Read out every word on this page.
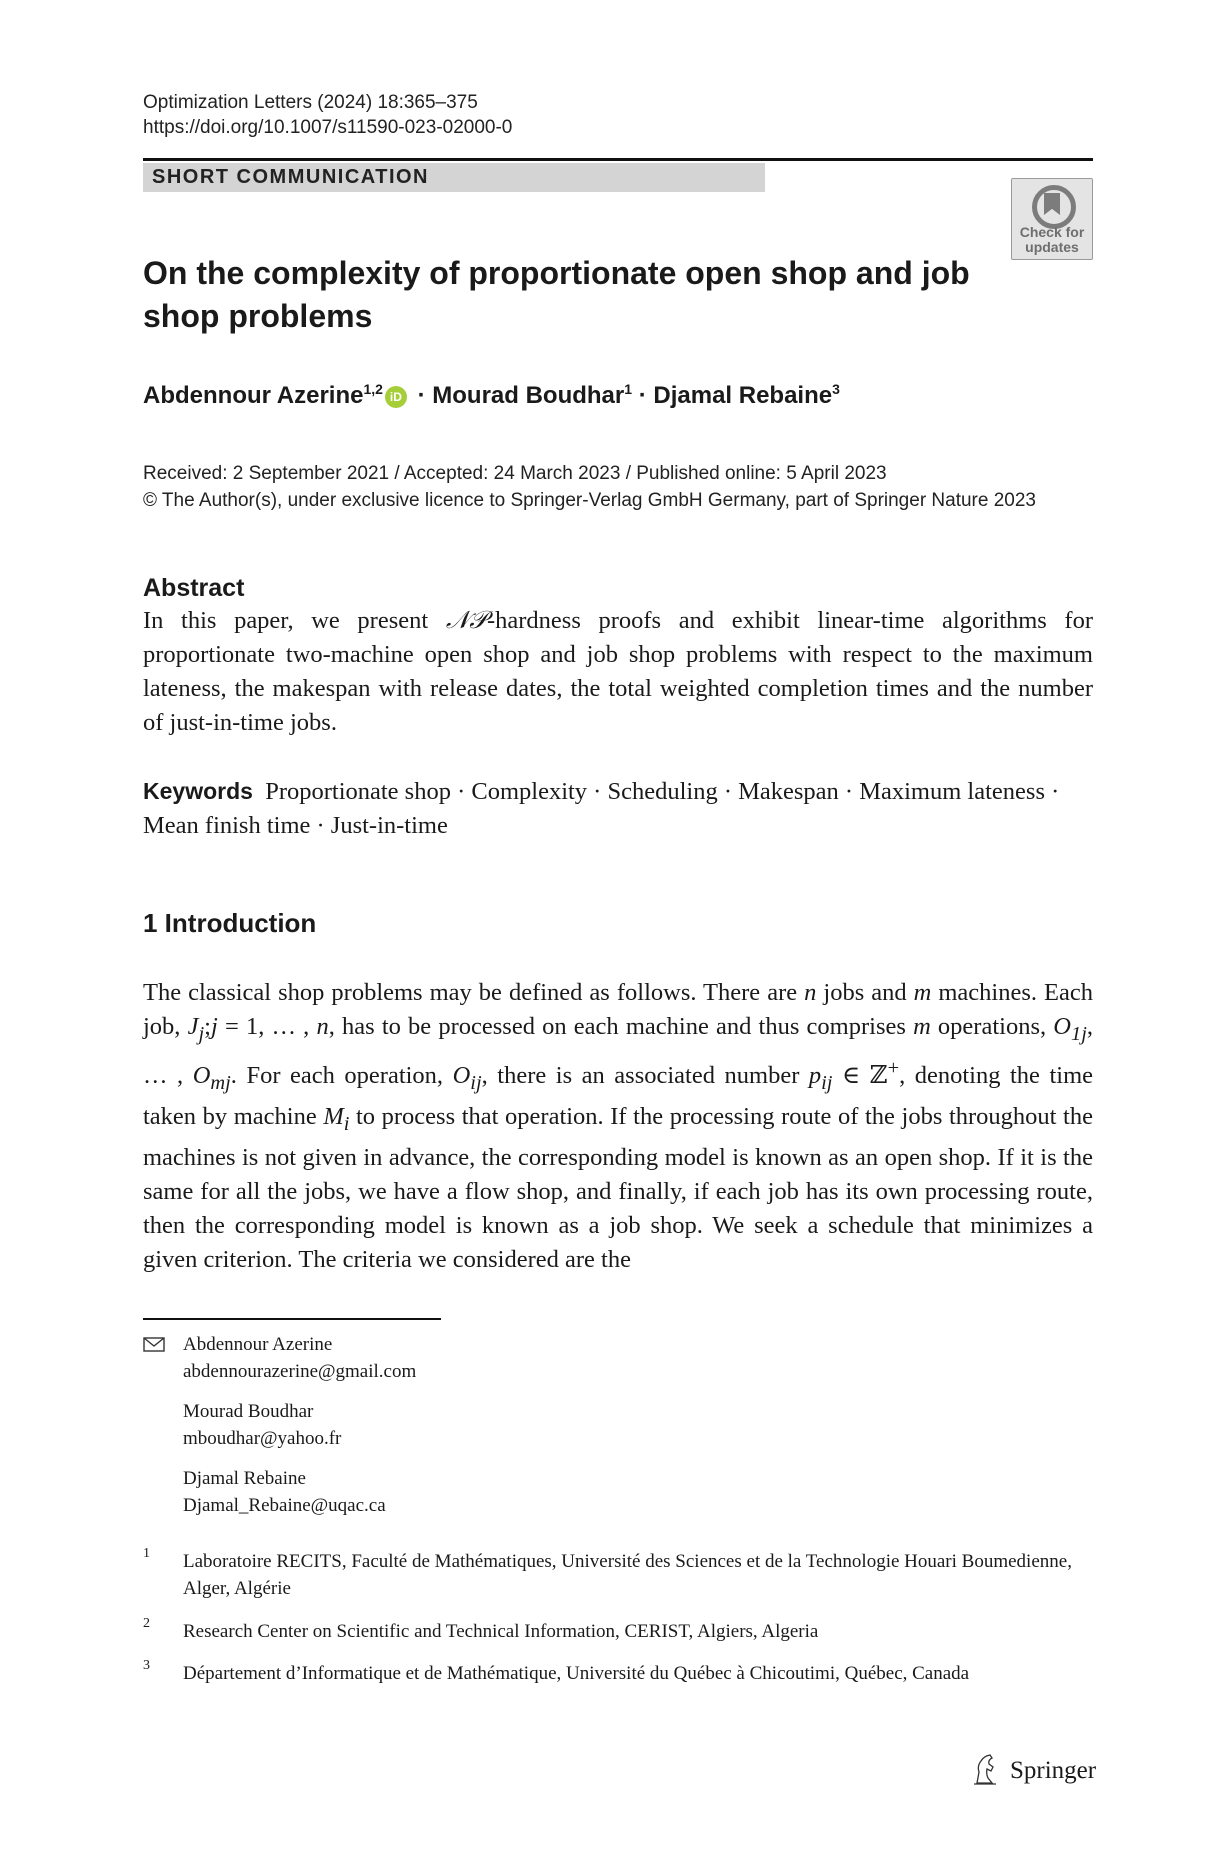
Optimization Letters (2024) 18:365–375
https://doi.org/10.1007/s11590-023-02000-0
SHORT COMMUNICATION
Check for
updates
On the complexity of proportionate open shop and job
shop problems
Abdennour Azerine$^{1,2}$ iD · Mourad Boudhar$^1$ · Djamal Rebaine$^3$
Received: 2 September 2021 / Accepted: 24 March 2023 / Published online: 5 April 2023
© The Author(s), under exclusive licence to Springer-Verlag GmbH Germany, part of Springer Nature 2023
Abstract
In this paper, we present 𝒩𝒫-hardness proofs and exhibit linear-time algorithms for proportionate two-machine open shop and job shop problems with respect to the maximum lateness, the makespan with release dates, the total weighted completion times and the number of just-in-time jobs.
Keywords Proportionate shop · Complexity · Scheduling · Makespan · Maximum lateness · Mean finish time · Just-in-time
1 Introduction
The classical shop problems may be defined as follows. There are n jobs and m machines. Each job, $J_j;j = 1$, … , n, has to be processed on each machine and thus comprises m operations, $O_{1j}$, … , $O_{mj}$. For each operation, $O_{ij}$, there is an associated number $p_{ij}$ ∈ ℤ+, denoting the time taken by machine $M_i$ to process that operation. If the processing route of the jobs throughout the machines is not given in advance, the corresponding model is known as an open shop. If it is the same for all the jobs, we have a flow shop, and finally, if each job has its own processing route, then the corresponding model is known as a job shop. We seek a schedule that minimizes a given criterion. The criteria we considered are the
Abdennour Azerine
abdennourazerine@gmail.com
Mourad Boudhar
mboudhar@yahoo.fr
Djamal Rebaine
Djamal_Rebaine@uqac.ca
1 Laboratoire RECITS, Faculté de Mathématiques, Université des Sciences et de la Technologie Houari Boumedienne, Alger, Algérie
2 Research Center on Scientific and Technical Information, CERIST, Algiers, Algeria
3 Département d’Informatique et de Mathématique, Université du Québec à Chicoutimi, Québec, Canada
Springer
